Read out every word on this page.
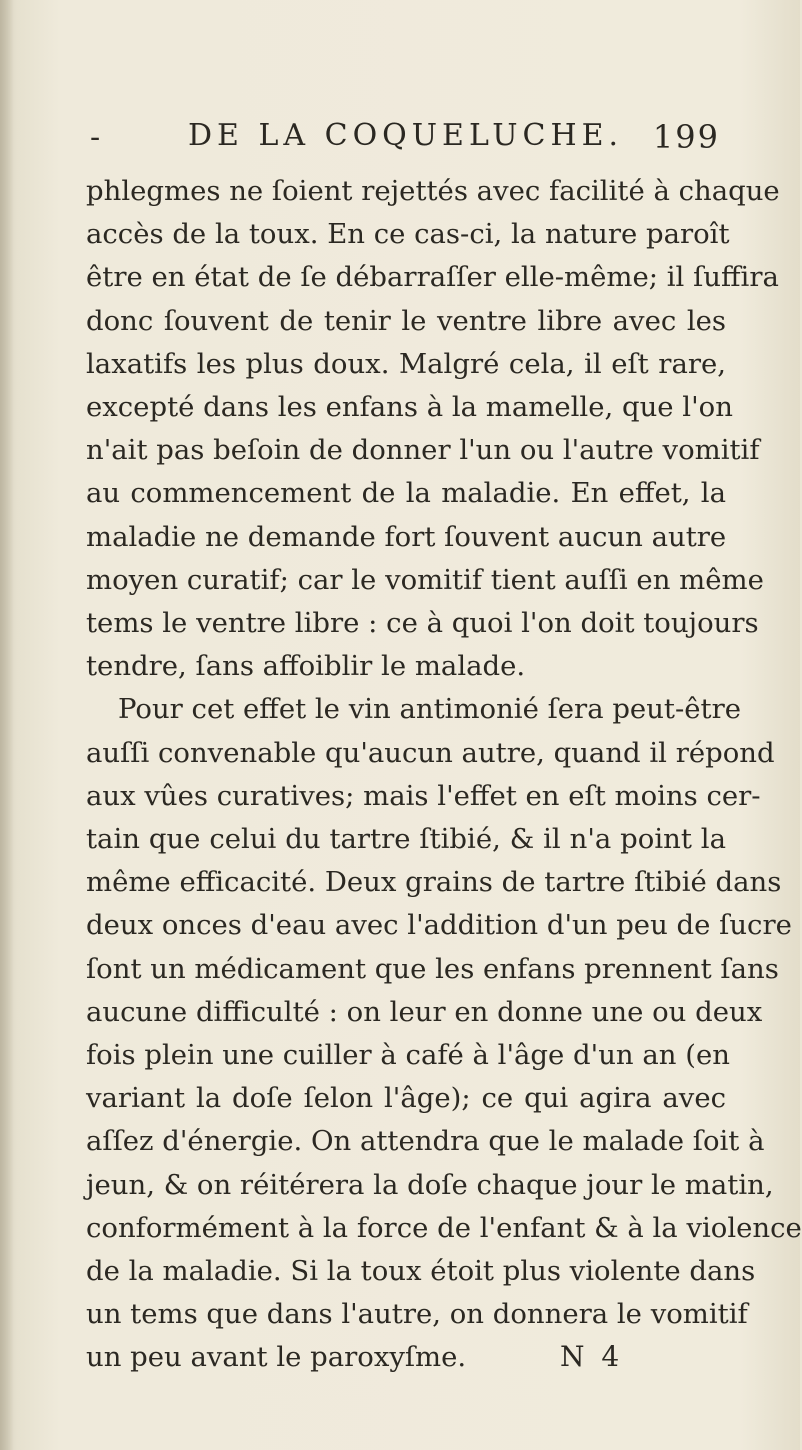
-	DE LA COQUELUCHE. 199
phlegmes ne ſoient rejettés avec facilité à chaque
accès de la toux. En ce cas-ci, la nature paroît
être en état de ſe débarraſſer elle-même; il ſuffira
donc ſouvent de tenir le ventre libre avec les
laxatifs les plus doux. Malgré cela, il eſt rare,
excepté dans les enfans à la mamelle, que l'on
n'ait pas beſoin de donner l'un ou l'autre vomitif
au commencement de la maladie. En effet, la
maladie ne demande fort ſouvent aucun autre
moyen curatif; car le vomitif tient auſſi en même
tems le ventre libre : ce à quoi l'on doit toujours
tendre, ſans affoiblir le malade.
Pour cet effet le vin antimonié ſera peut-être
auſſi convenable qu'aucun autre, quand il répond
aux vûes curatives; mais l'effet en eſt moins cer-
tain que celui du tartre ſtibié, & il n'a point la
même efficacité. Deux grains de tartre ſtibié dans
deux onces d'eau avec l'addition d'un peu de ſucre
ſont un médicament que les enfans prennent ſans
aucune difficulté : on leur en donne une ou deux
fois plein une cuiller à café à l'âge d'un an (en
variant la doſe ſelon l'âge); ce qui agira avec
aſſez d'énergie. On attendra que le malade ſoit à
jeun, & on réitérera la doſe chaque jour le matin,
conformément à la force de l'enfant & à la violence
de la maladie. Si la toux étoit plus violente dans
un tems que dans l'autre, on donnera le vomitif
un peu avant le paroxyſme.	N 4
